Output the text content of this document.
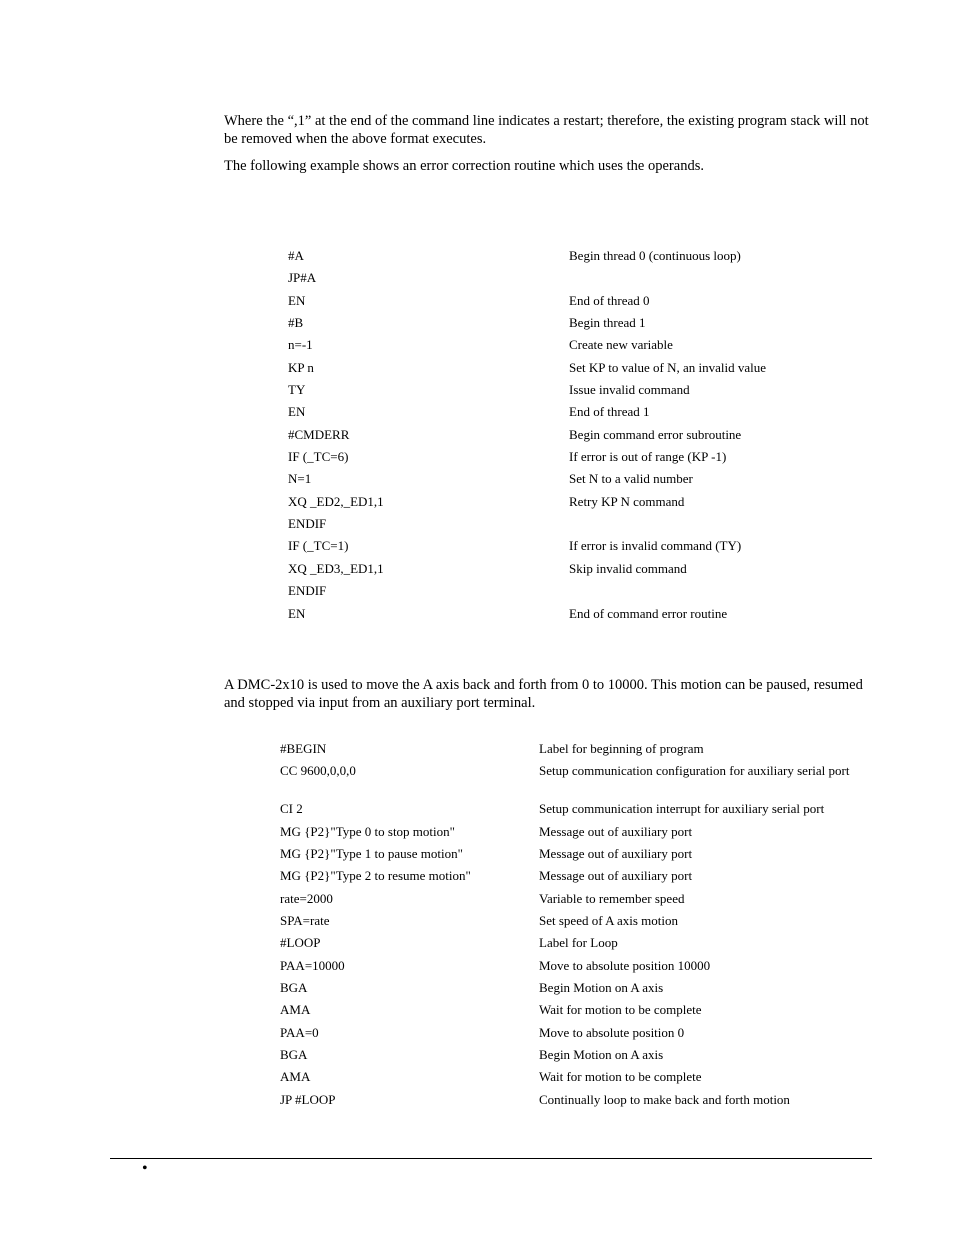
Where the “,1” at the end of the command line indicates a restart; therefore, the existing program stack will not be removed when the above format executes.

The following example shows an error correction routine which uses the operands.

#A	Begin thread 0 (continuous loop)
JP#A
EN	End of thread 0
#B	Begin thread 1
n=-1	Create new variable
KP n	Set KP to value of N, an invalid value
TY	Issue invalid command
EN	End of thread 1
#CMDERR	Begin command error subroutine
IF (_TC=6)	If error is out of range (KP -1)
N=1	Set N to a valid number
XQ _ED2,_ED1,1	Retry KP N command
ENDIF
IF (_TC=1)	If error is invalid command (TY)
XQ _ED3,_ED1,1	Skip invalid command
ENDIF
EN	End of command error routine

A DMC-2x10 is used to move the A axis back and forth from 0 to 10000. This motion can be paused, resumed and stopped via input from an auxiliary port terminal.

#BEGIN	Label for beginning of program
CC 9600,0,0,0	Setup communication configuration for auxiliary serial port
CI 2	Setup communication interrupt for auxiliary serial port
MG {P2}"Type 0 to stop motion"	Message out of auxiliary port
MG {P2}"Type 1 to pause motion"	Message out of auxiliary port
MG {P2}"Type 2 to resume motion"	Message out of auxiliary port
rate=2000	Variable to remember speed
SPA=rate	Set speed of A axis motion
#LOOP	Label for Loop
PAA=10000	Move to absolute position 10000
BGA	Begin Motion on A axis
AMA	Wait for motion to be complete
PAA=0	Move to absolute position 0
BGA	Begin Motion on A axis
AMA	Wait for motion to be complete
JP #LOOP	Continually loop to make back and forth motion
•
